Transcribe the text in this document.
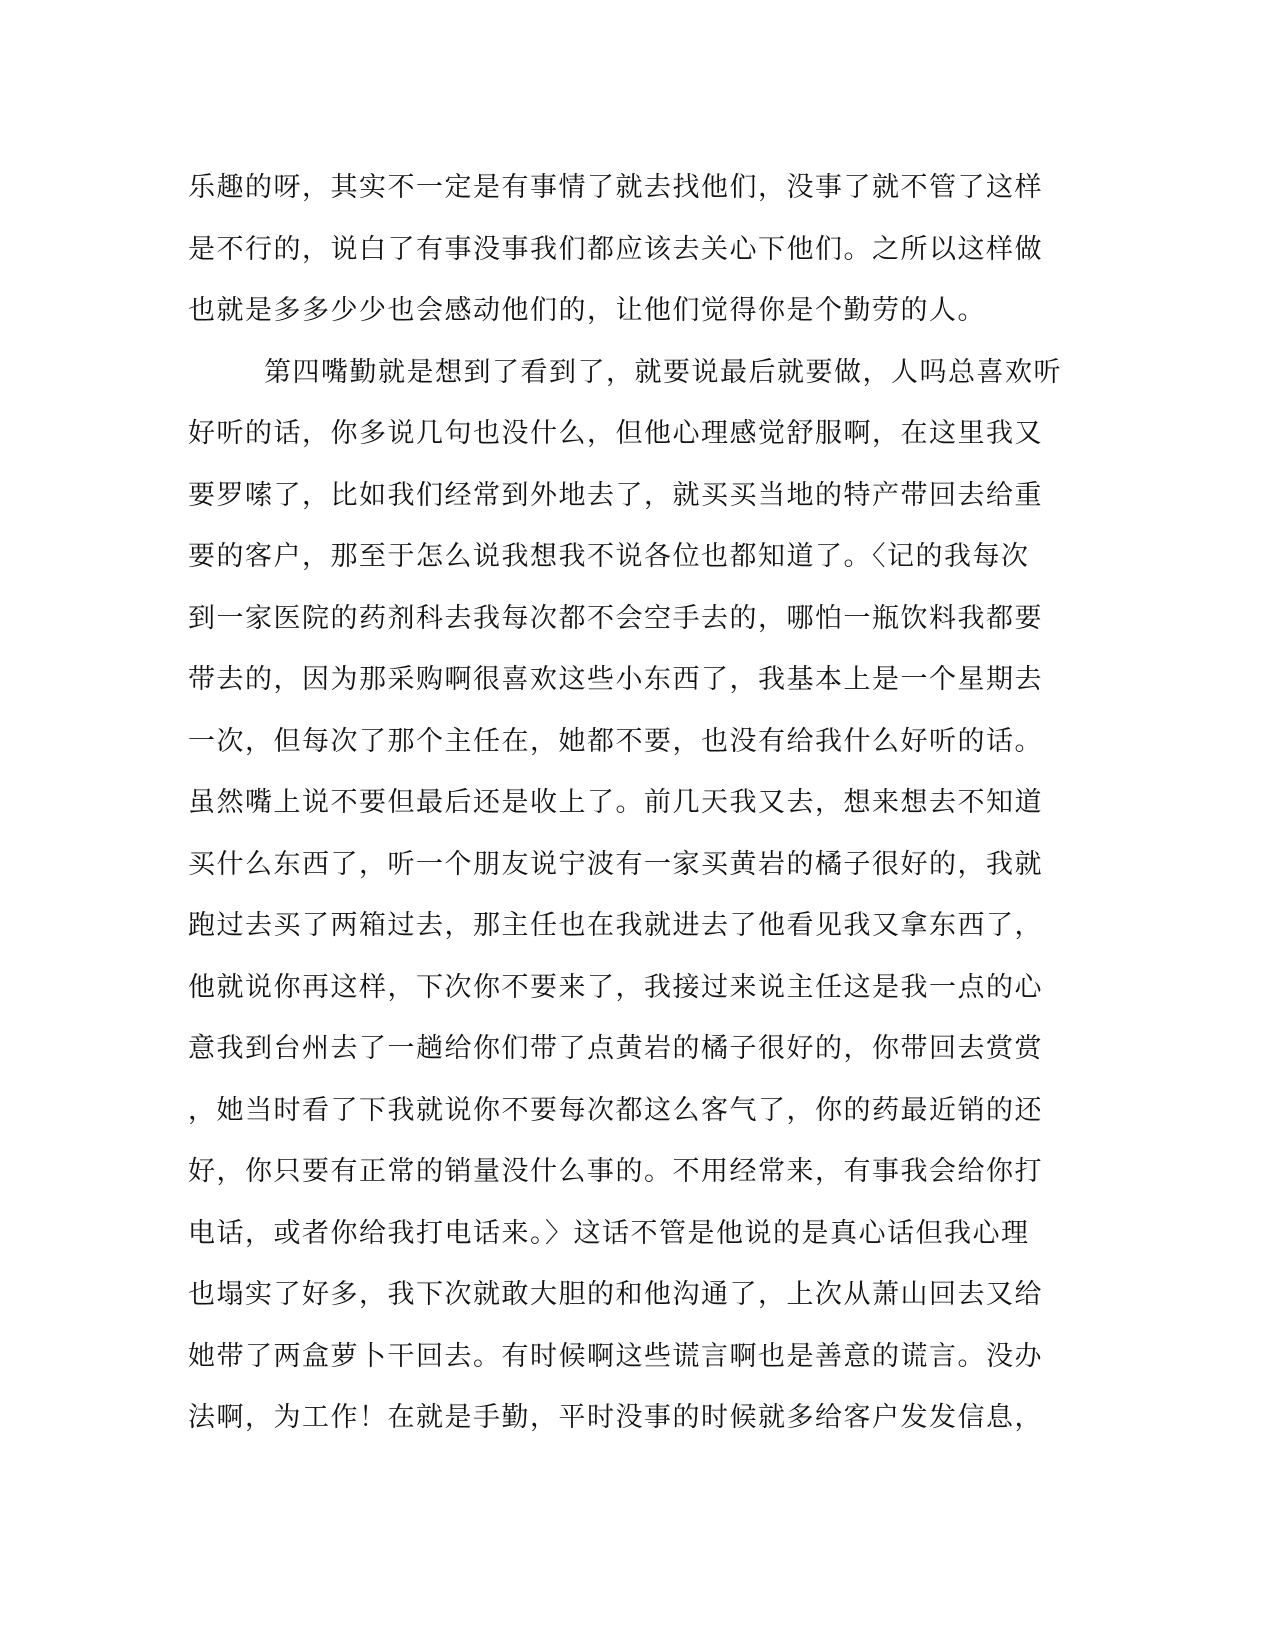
乐趣的呀，其实不一定是有事情了就去找他们，没事了就不管了这样
是不行的，说白了有事没事我们都应该去关心下他们。之所以这样做
也就是多多少少也会感动他们的，让他们觉得你是个勤劳的人。
第四嘴勤就是想到了看到了，就要说最后就要做，人吗总喜欢听
好听的话，你多说几句也没什么，但他心理感觉舒服啊，在这里我又
要罗嗦了，比如我们经常到外地去了，就买买当地的特产带回去给重
要的客户，那至于怎么说我想我不说各位也都知道了。〈记的我每次
到一家医院的药剂科去我每次都不会空手去的，哪怕一瓶饮料我都要
带去的，因为那采购啊很喜欢这些小东西了，我基本上是一个星期去
一次，但每次了那个主任在，她都不要，也没有给我什么好听的话。
虽然嘴上说不要但最后还是收上了。前几天我又去，想来想去不知道
买什么东西了，听一个朋友说宁波有一家买黄岩的橘子很好的，我就
跑过去买了两箱过去，那主任也在我就进去了他看见我又拿东西了，
他就说你再这样，下次你不要来了，我接过来说主任这是我一点的心
意我到台州去了一趟给你们带了点黄岩的橘子很好的，你带回去赏赏
，她当时看了下我就说你不要每次都这么客气了，你的药最近销的还
好，你只要有正常的销量没什么事的。不用经常来，有事我会给你打
电话，或者你给我打电话来。〉这话不管是他说的是真心话但我心理
也塌实了好多，我下次就敢大胆的和他沟通了，上次从萧山回去又给
她带了两盒萝卜干回去。有时候啊这些谎言啊也是善意的谎言。没办
法啊，为工作！在就是手勤，平时没事的时候就多给客户发发信息，
